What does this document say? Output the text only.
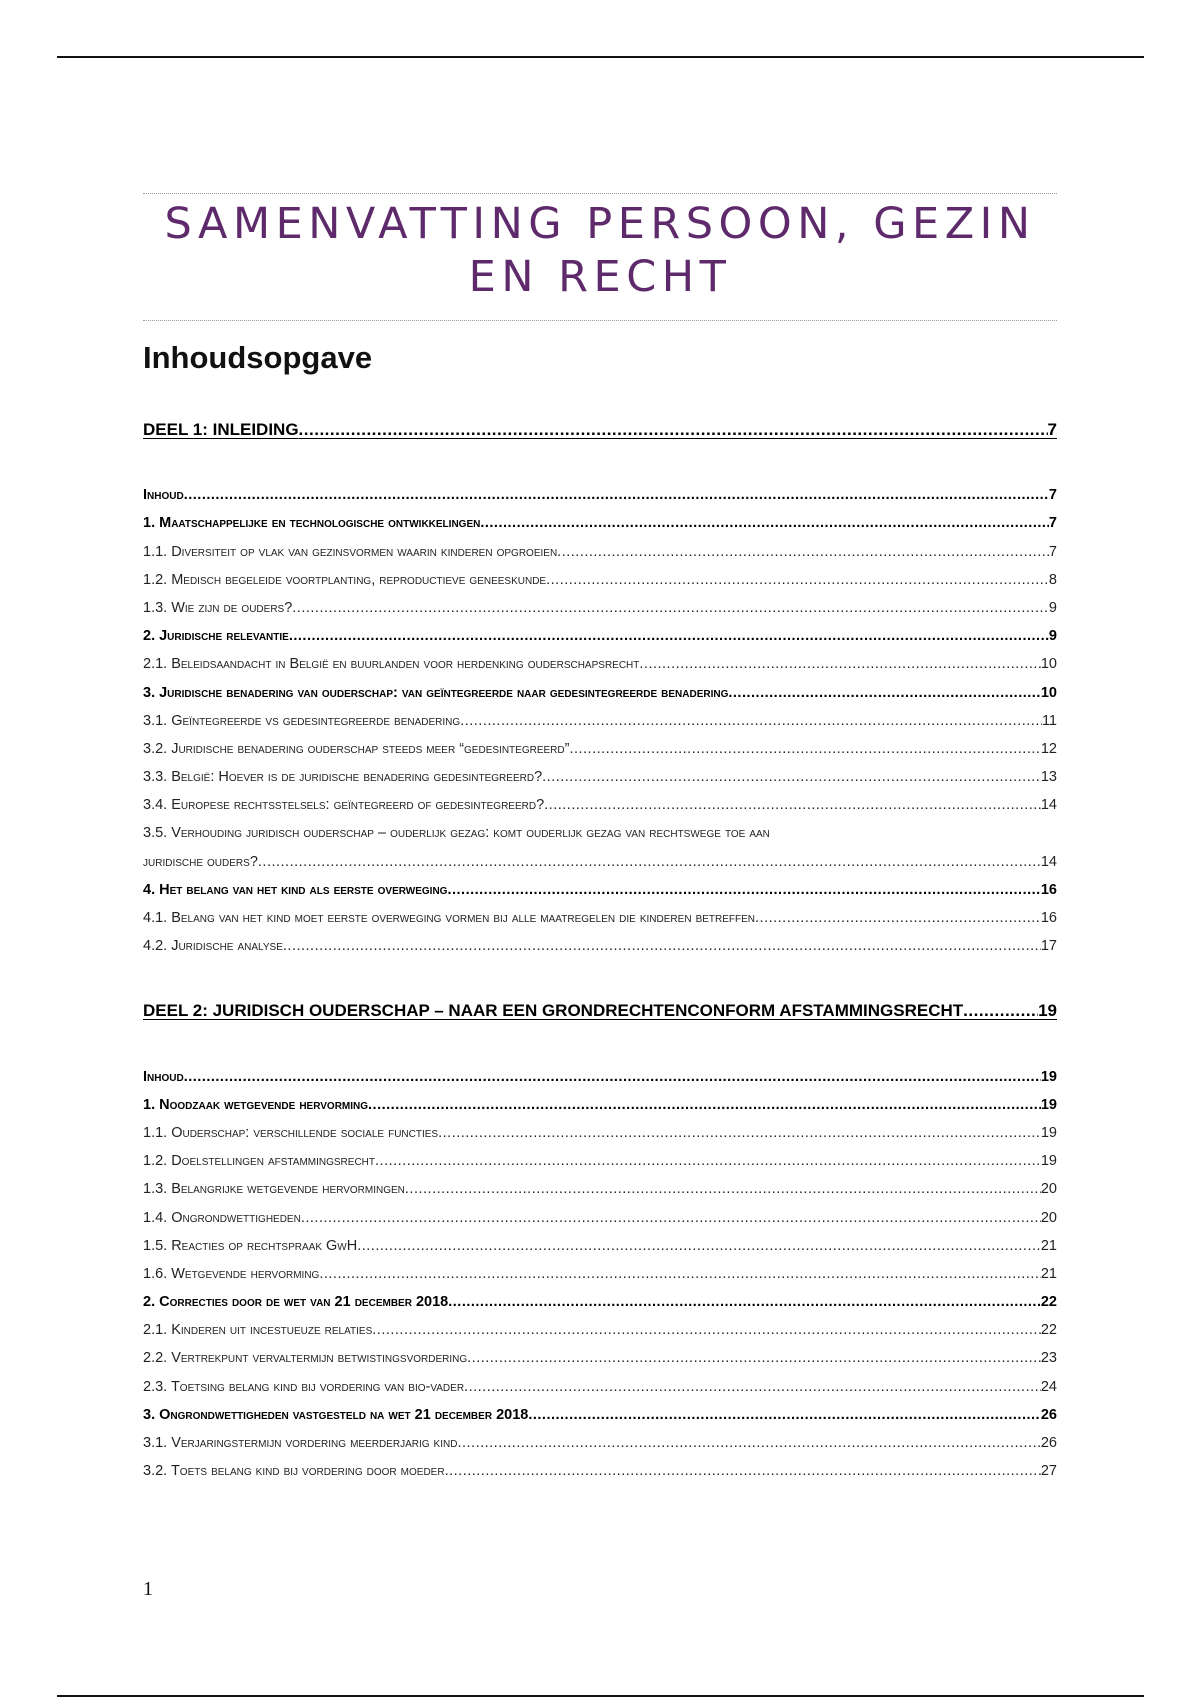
SAMENVATTING PERSOON, GEZIN EN RECHT
Inhoudsopgave
DEEL 1: INLEIDING .....	7
Inhoud .....	7
1. Maatschappelijke en technologische ontwikkelingen .....	7
1.1. Diversiteit op vlak van gezinsvormen waarin kinderen opgroeien .....	7
1.2. Medisch begeleide voortplanting, reproductieve geneeskunde .....	8
1.3. Wie zijn de ouders? .....	9
2. Juridische relevantie .....	9
2.1. Beleidsaandacht in België en buurlanden voor herdenking ouderschapsrecht .....	10
3. Juridische benadering van ouderschap: van geïntegreerde naar gedesintegreerde benadering .....	10
3.1. Geïntegreerde vs gedesintegreerde benadering .....	11
3.2. Juridische benadering ouderschap steeds meer “gedesintegreerd” .....	12
3.3. België: Hoever is de juridische benadering gedesintegreerd? .....	13
3.4. Europese rechtsstelsels: geïntegreerd of gedesintegreerd? .....	14
3.5. Verhouding juridisch ouderschap – ouderlijk gezag: komt ouderlijk gezag van rechtswege toe aan
juridische ouders? .....	14
4. Het belang van het kind als eerste overweging .....	16
4.1. Belang van het kind moet eerste overweging vormen bij alle maatregelen die kinderen betreffen .....	16
4.2. Juridische analyse .....	17
DEEL 2: JURIDISCH OUDERSCHAP – NAAR EEN GRONDRECHTENCONFORM AFSTAMMINGSRECHT .....	19
Inhoud .....	19
1. Noodzaak wetgevende hervorming .....	19
1.1. Ouderschap: verschillende sociale functies .....	19
1.2. Doelstellingen afstammingsrecht .....	19
1.3. Belangrijke wetgevende hervormingen .....	20
1.4. Ongrondwettigheden .....	20
1.5. Reacties op rechtspraak GwH .....	21
1.6. Wetgevende hervorming .....	21
2. Correcties door de wet van 21 december 2018 .....	22
2.1. Kinderen uit incestueuze relaties .....	22
2.2. Vertrekpunt vervaltermijn betwistingsvordering .....	23
2.3. Toetsing belang kind bij vordering van bio-vader .....	24
3. Ongrondwettigheden vastgesteld na wet 21 december 2018 .....	26
3.1. Verjaringstermijn vordering meerderjarig kind .....	26
3.2. Toets belang kind bij vordering door moeder .....	27
1
